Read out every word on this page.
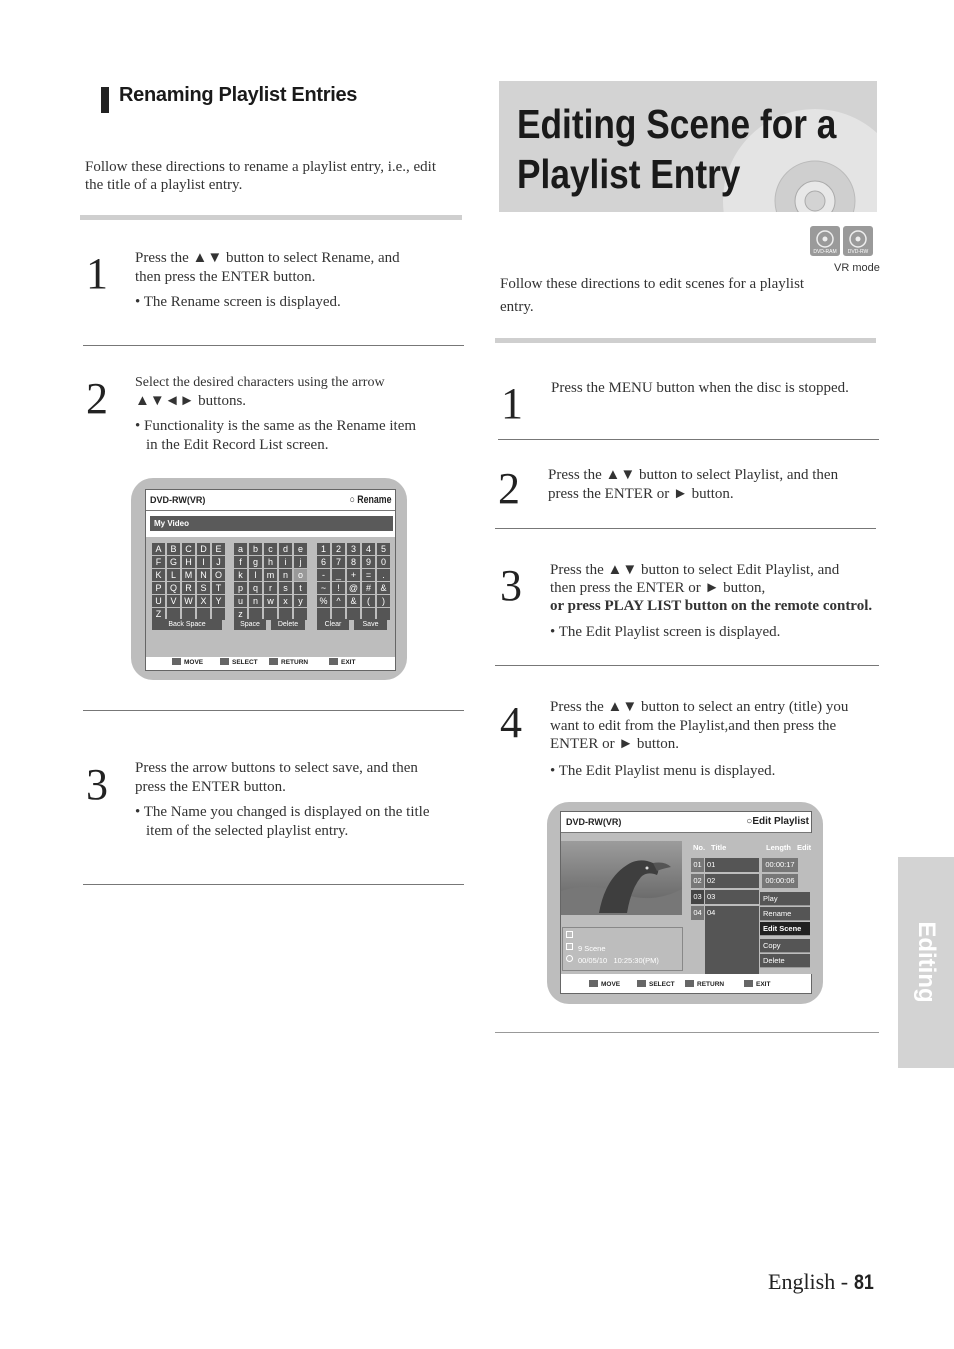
Renaming Playlist Entries
Follow these directions to rename a playlist entry, i.e., edit the title of a playlist entry.
1 Press the ▲▼ button to select Rename, and
then press the ENTER button.
• The Rename screen is displayed.
2 Select the desired characters using the arrow
▲▼◄► buttons.
• Functionality is the same as the Rename item
in the Edit Record List screen.
DVD-RW(VR)	○ Rename
My Video
A B C D E
F G H	I	J
K	L M N O
P Q R S	T
U V W X Y
Z
a	b	c	d	e
f	g	h	i	j
k	l	m n	o
p	q	r	s	t
u	n	w	x	y
z
1	2	3	4	5
6	7	8	9	0
-	_	+	=	.
~	!	@ #	&
% ^	&	(	)
Back Space	Space	Delete	Clear	Save
MOVE	SELECT	RETURN	EXIT
3 Press the arrow buttons to select save, and then
press the ENTER button.
• The Name you changed is displayed on the title
item of the selected playlist entry.
Editing Scene for a
Playlist Entry
DVD-RAM	DVD-RW
VR mode
Follow these directions to edit scenes for a playlist
entry.
1 Press the MENU button when the disc is stopped.
2 Press the ▲▼ button to select Playlist, and then
press the ENTER or ► button.
3 Press the ▲▼ button to select Edit Playlist, and
then press the ENTER or ► button,
or press PLAY LIST button on the remote control.
• The Edit Playlist screen is displayed.
4 Press the ▲▼ button to select an entry (title) you
want to edit from the Playlist,and then press the
ENTER or ► button.
• The Edit Playlist menu is displayed.
DVD-RW(VR)	○Edit Playlist
9 Scene
00/05/10   10:25:30(PM)
No. Title	Length Edit
01 01	00:00:17
02 02	00:00:06
03 03
04 04
Play
Rename
Edit Scene
Copy
Delete
MOVE	SELECT	RETURN	EXIT	Editing
English - 81
